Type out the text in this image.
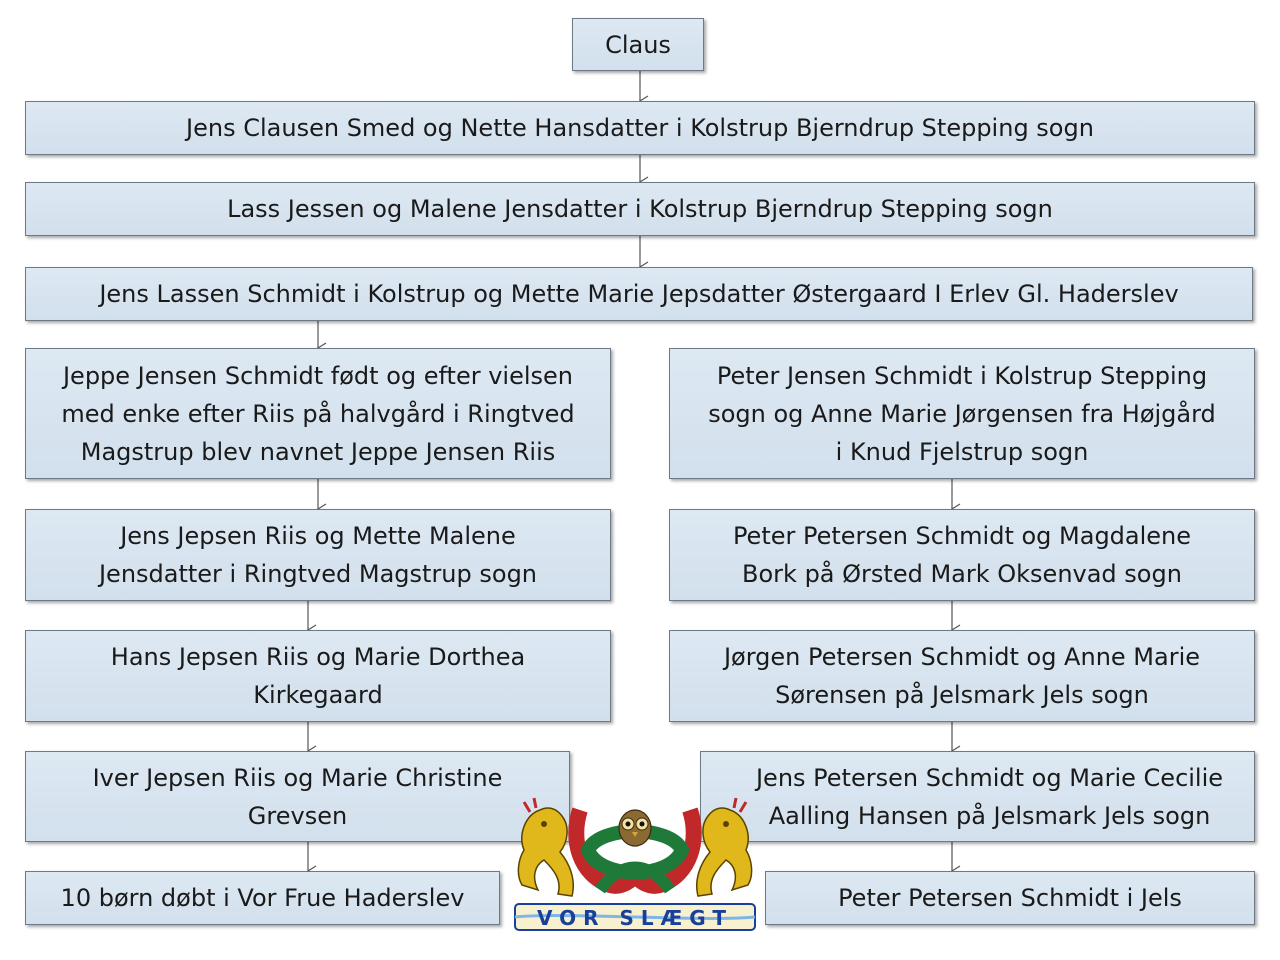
Claus
Jens Clausen Smed og Nette Hansdatter i Kolstrup Bjerndrup Stepping sogn
Lass Jessen og Malene Jensdatter i Kolstrup Bjerndrup Stepping sogn
Jens Lassen Schmidt i Kolstrup og Mette Marie Jepsdatter Østergaard I Erlev Gl. Haderslev
Jeppe Jensen Schmidt født og efter vielsen
med enke efter Riis på halvgård i Ringtved
Magstrup blev navnet Jeppe Jensen Riis
Jens Jepsen Riis og Mette Malene
Jensdatter i Ringtved Magstrup sogn
Hans Jepsen Riis og Marie Dorthea
Kirkegaard
Iver Jepsen Riis og Marie Christine
Grevsen
10 børn døbt i Vor Frue Haderslev
Peter Jensen Schmidt i Kolstrup Stepping
sogn og Anne Marie Jørgensen fra Højgård
i Knud Fjelstrup sogn
Peter Petersen Schmidt og Magdalene
Bork på Ørsted Mark Oksenvad sogn
Jørgen Petersen Schmidt og Anne Marie
Sørensen på Jelsmark Jels sogn
Jens Petersen Schmidt og Marie Cecilie
Aalling Hansen på Jelsmark Jels sogn
Peter Petersen Schmidt i Jels
VOR SLÆGT
